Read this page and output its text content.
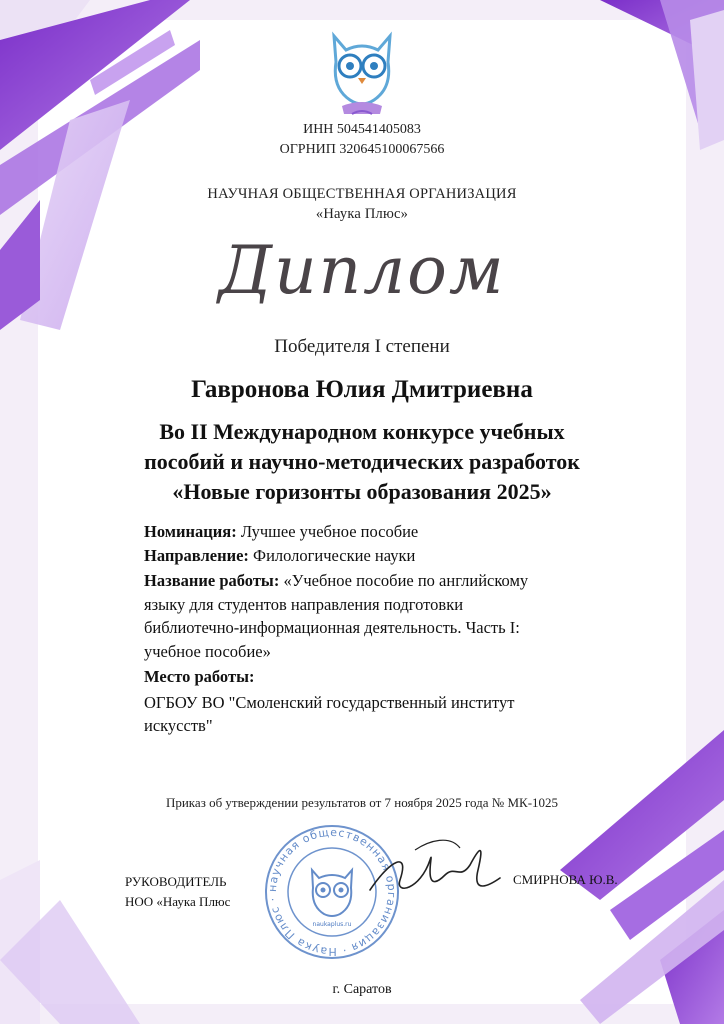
ИНН 504541405083
ОГРНИП 320645100067566
НАУЧНАЯ ОБЩЕСТВЕННАЯ ОРГАНИЗАЦИЯ
«Наука Плюс»
Диплом
Победителя I степени
Гавронова Юлия Дмитриевна
Во II Международном конкурсе учебных
пособий и научно-методических разработок
«Новые горизонты образования 2025»
Номинация: Лучшее учебное пособие
Направление: Филологические науки
Название работы: «Учебное пособие по английскому
языку для студентов направления подготовки
библиотечно-информационная деятельность. Часть I:
учебное пособие»
Место работы:
ОГБОУ ВО "Смоленский государственный институт
искусств"
Приказ об утверждении результатов от 7 ноября 2025 года № МК-1025
РУКОВОДИТЕЛЬ
НОО «Наука Плюс
научная общественная организация · Наука Плюс ·
naukaplus.ru
СМИРНОВА Ю.В.
г. Саратов
